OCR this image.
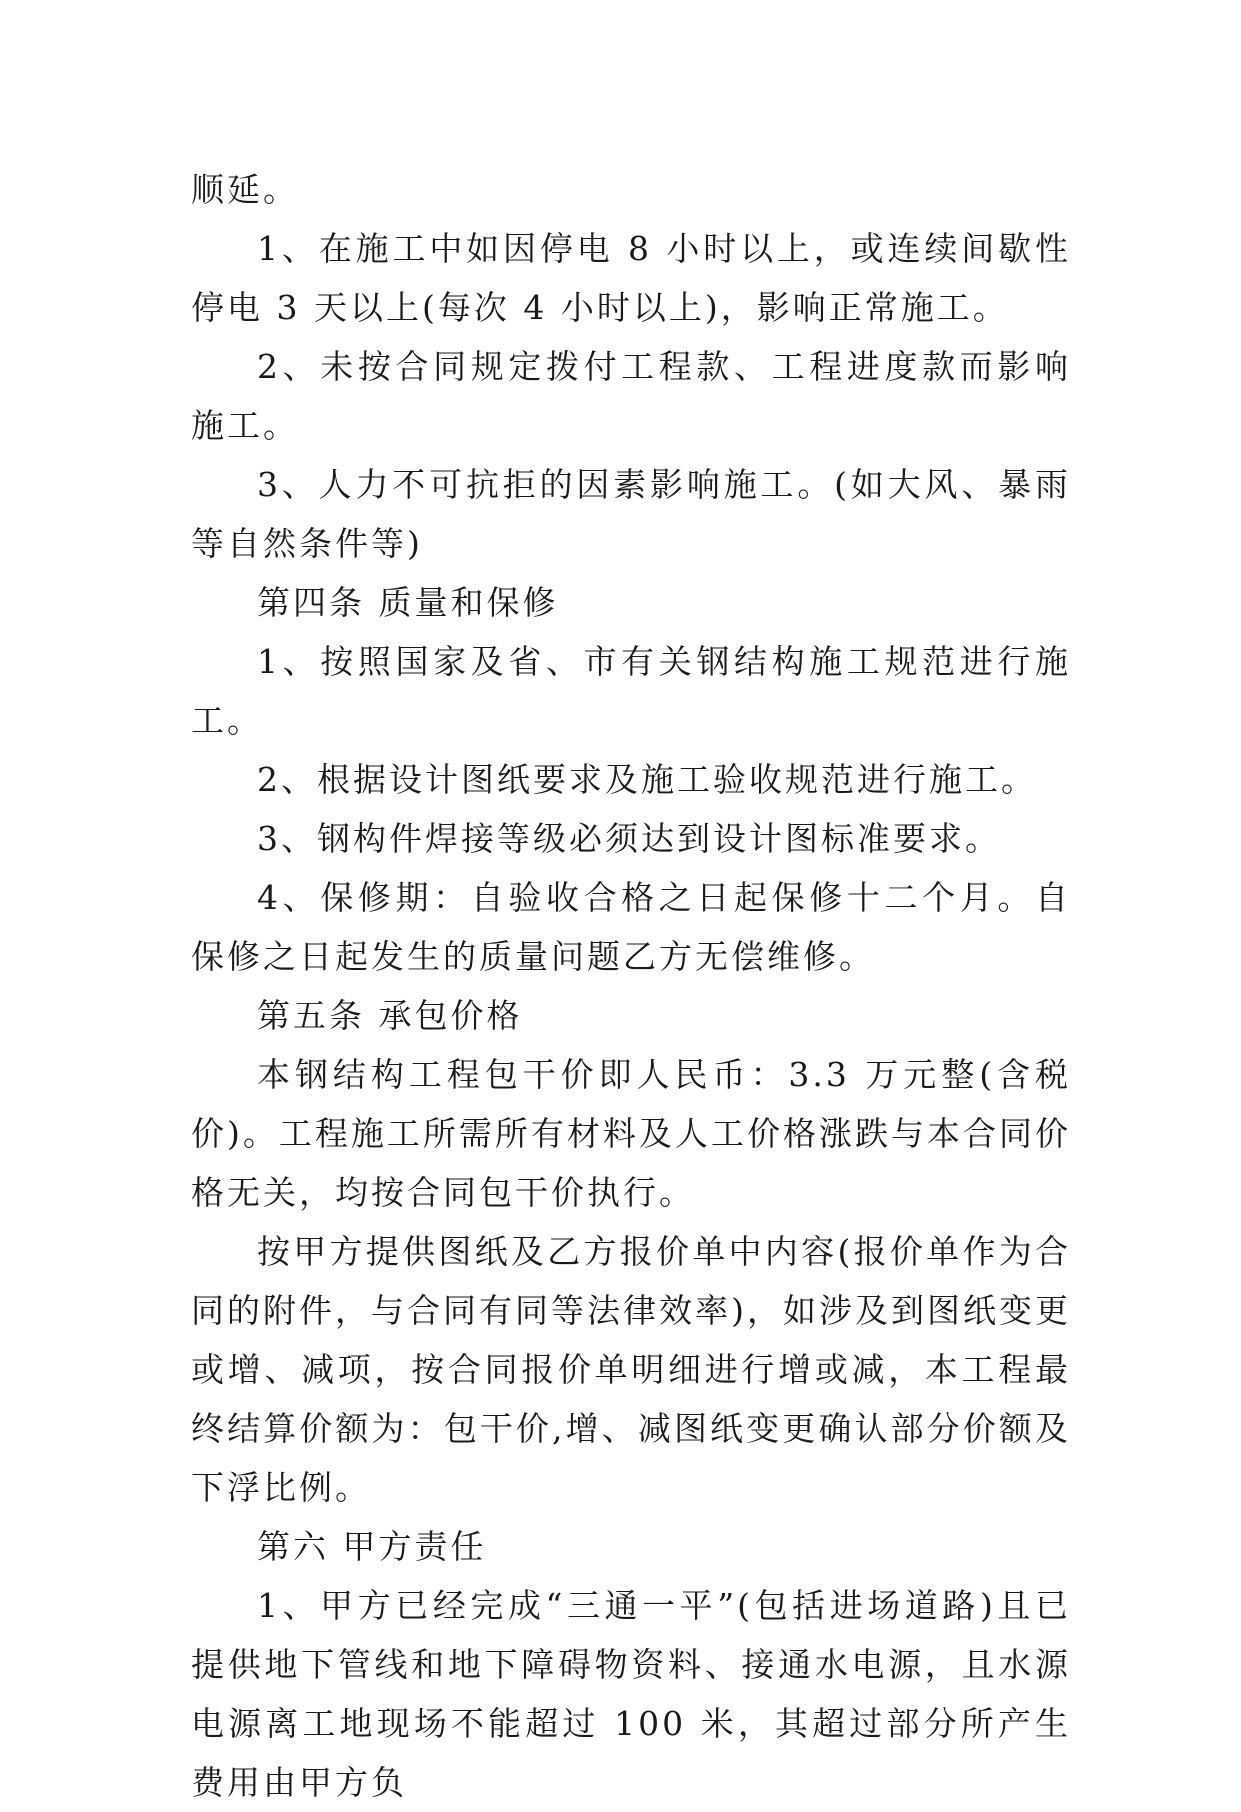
顺延。

1、在施工中如因停电 8 小时以上，或连续间歇性停电 3 天以上(每次 4 小时以上)，影响正常施工。

2、未按合同规定拨付工程款、工程进度款而影响施工。

3、人力不可抗拒的因素影响施工。(如大风、暴雨等自然条件等)

第四条 质量和保修

1、按照国家及省、市有关钢结构施工规范进行施工。

2、根据设计图纸要求及施工验收规范进行施工。

3、钢构件焊接等级必须达到设计图标准要求。

4、保修期：自验收合格之日起保修十二个月。自保修之日起发生的质量问题乙方无偿维修。

第五条 承包价格

本钢结构工程包干价即人民币：3.3 万元整(含税价)。工程施工所需所有材料及人工价格涨跌与本合同价格无关，均按合同包干价执行。

按甲方提供图纸及乙方报价单中内容(报价单作为合同的附件，与合同有同等法律效率)，如涉及到图纸变更或增、减项，按合同报价单明细进行增或减，本工程最终结算价额为：包干价,增、减图纸变更确认部分价额及下浮比例。

第六 甲方责任

1、甲方已经完成“三通一平”(包括进场道路)且已提供地下管线和地下障碍物资料、接通水电源，且水源电源离工地现场不能超过 100 米，其超过部分所产生费用由甲方负
